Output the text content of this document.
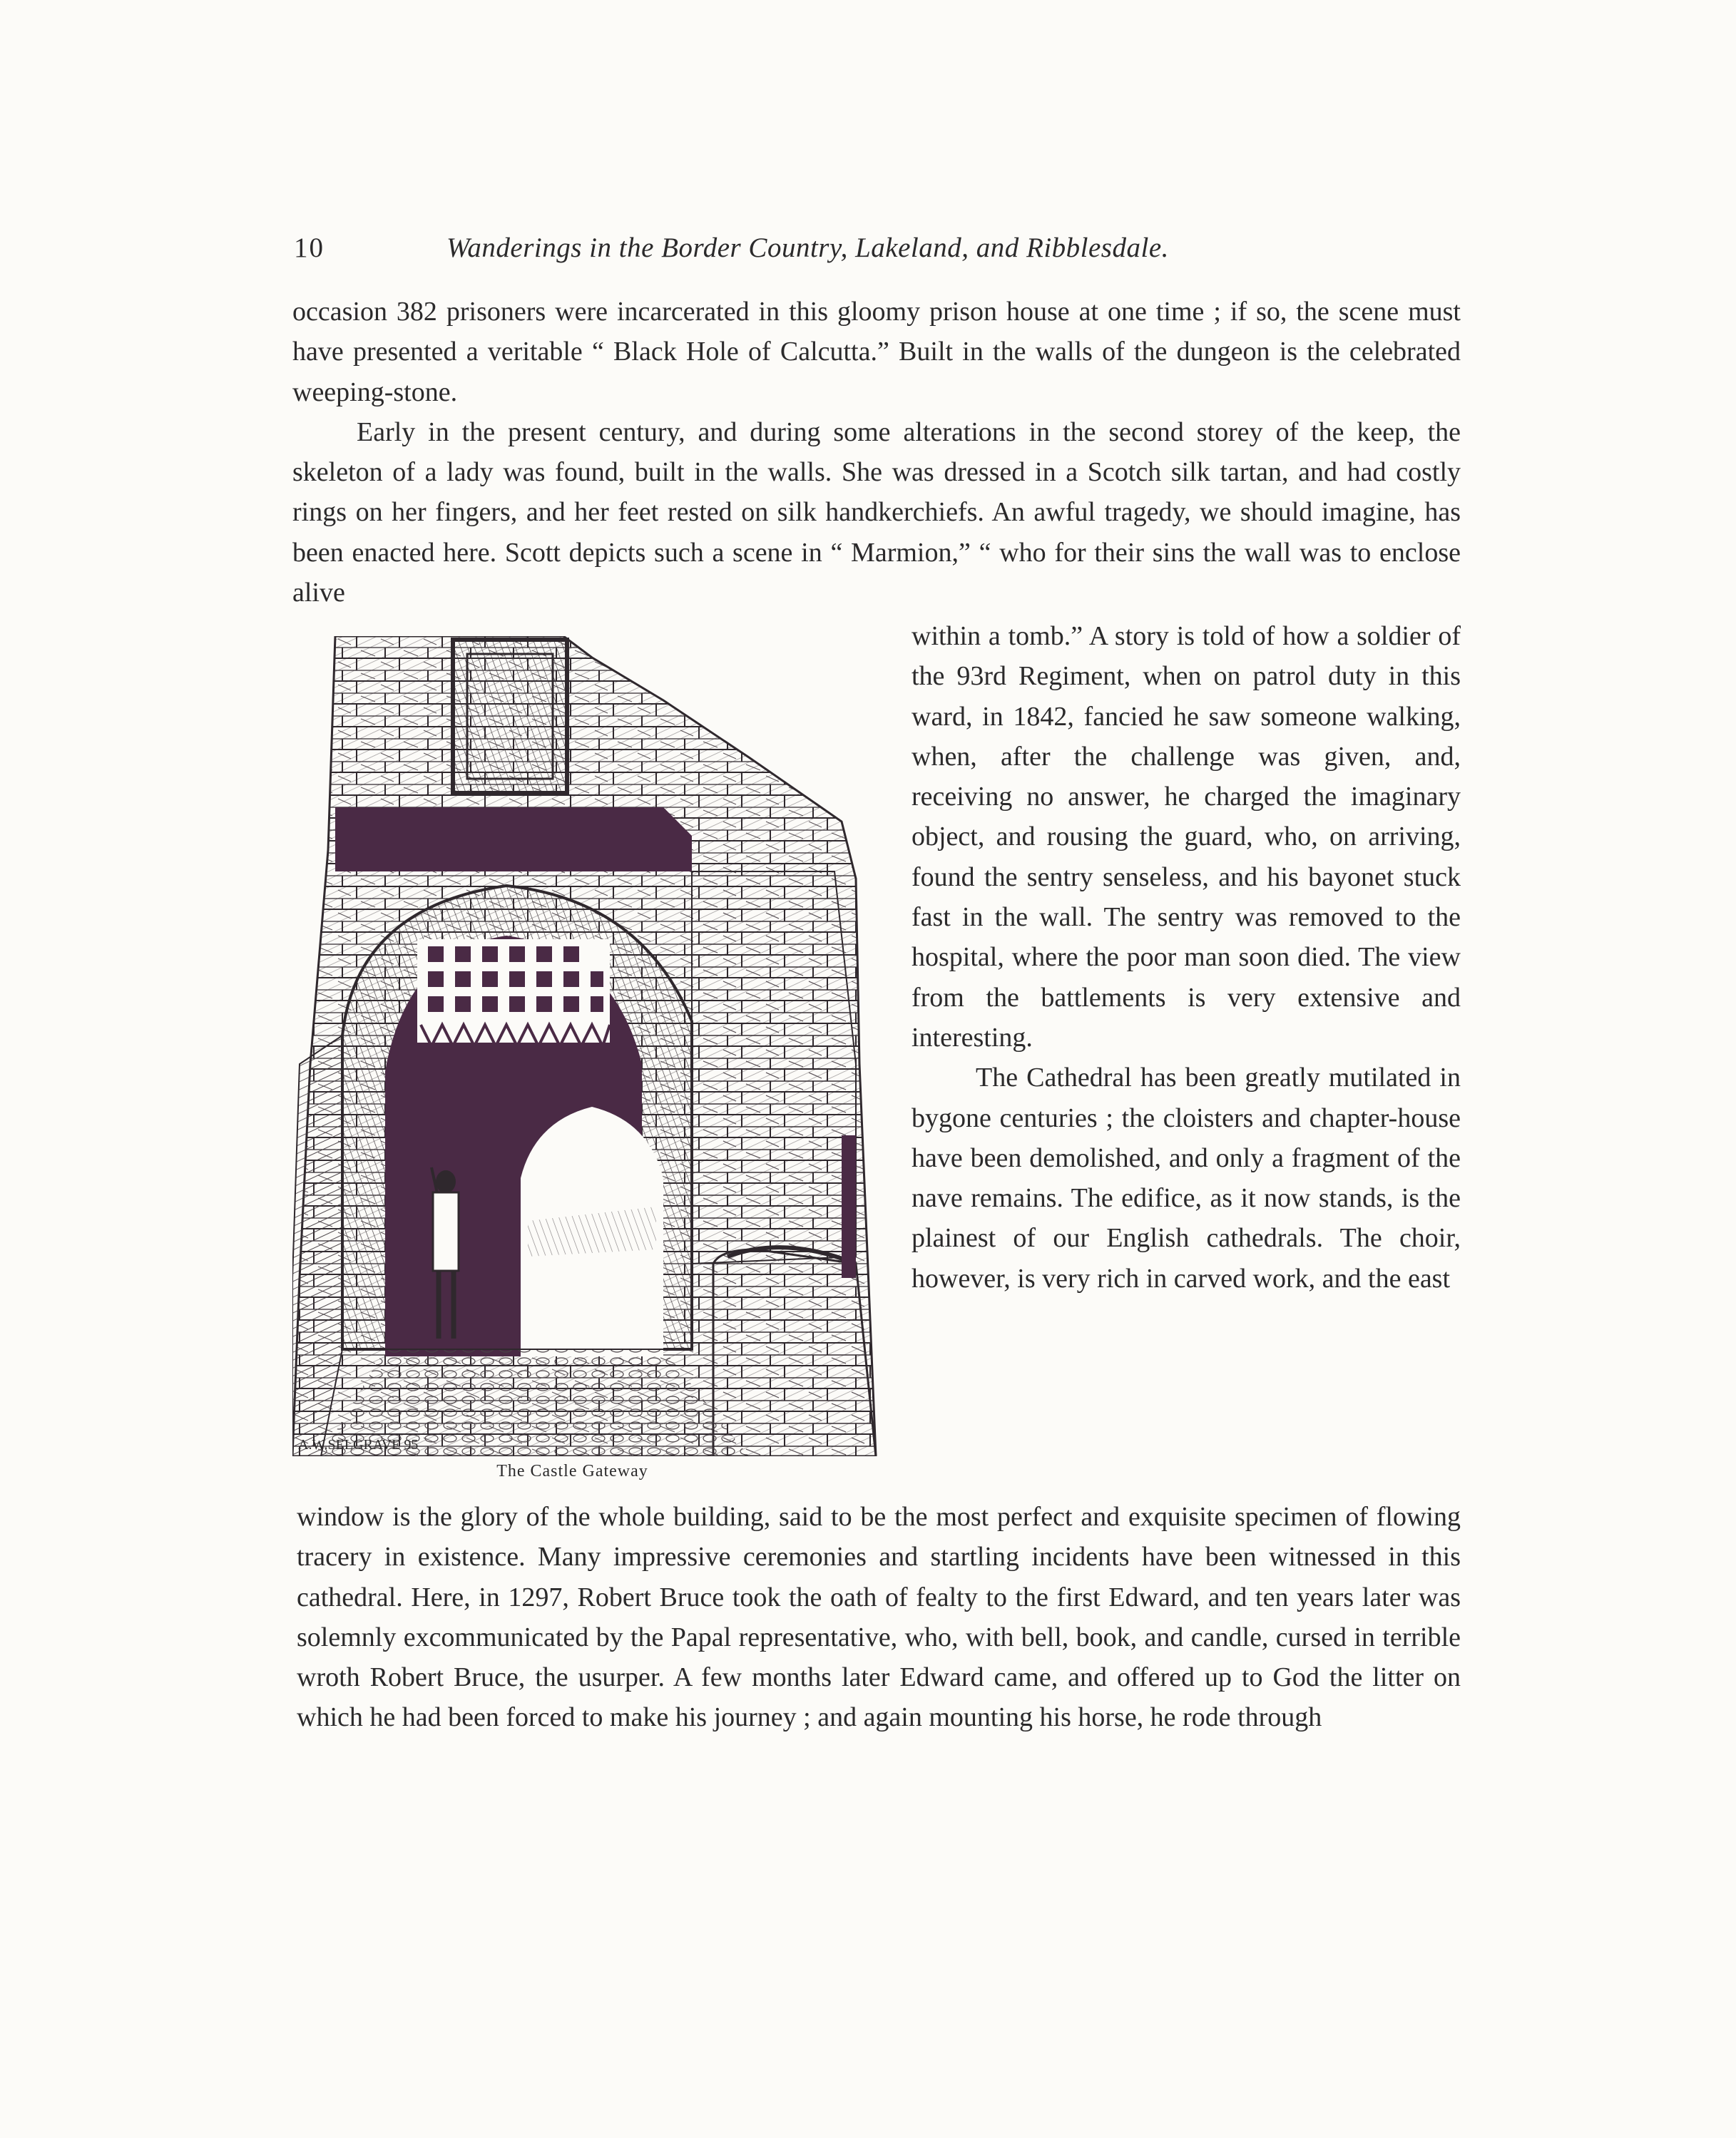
10	Wanderings in the Border Country, Lakeland, and Ribblesdale.

occasion 382 prisoners were incarcerated in this gloomy prison house at one time ; if so, the scene must have presented a veritable “ Black Hole of Calcutta.” Built in the walls of the dungeon is the celebrated weeping-stone.

Early in the present century, and during some alterations in the second storey of the keep, the skeleton of a lady was found, built in the walls. She was dressed in a Scotch silk tartan, and had costly rings on her fingers, and her feet rested on silk handkerchiefs. An awful tragedy, we should imagine, has been enacted here. Scott depicts such a scene in “ Marmion,” “ who for their sins the wall was to enclose alive

A.W.SELGRAVE 95
The Castle Gateway

within a tomb.” A story is told of how a soldier of the 93rd Regiment, when on patrol duty in this ward, in 1842, fancied he saw someone walking, when, after the challenge was given, and, receiving no answer, he charged the imaginary object, and rousing the guard, who, on arriving, found the sentry senseless, and his bayonet stuck fast in the wall. The sentry was removed to the hospital, where the poor man soon died. The view from the battlements is very extensive and interesting.

The Cathedral has been greatly mutilated in bygone centuries ; the cloisters and chapter-house have been demolished, and only a fragment of the nave remains. The edifice, as it now stands, is the plainest of our English cathedrals. The choir, however, is very rich in carved work, and the east

window is the glory of the whole building, said to be the most perfect and exquisite specimen of flowing tracery in existence. Many impressive ceremonies and startling incidents have been witnessed in this cathedral. Here, in 1297, Robert Bruce took the oath of fealty to the first Edward, and ten years later was solemnly excommunicated by the Papal representative, who, with bell, book, and candle, cursed in terrible wroth Robert Bruce, the usurper. A few months later Edward came, and offered up to God the litter on which he had been forced to make his journey ; and again mounting his horse, he rode through
